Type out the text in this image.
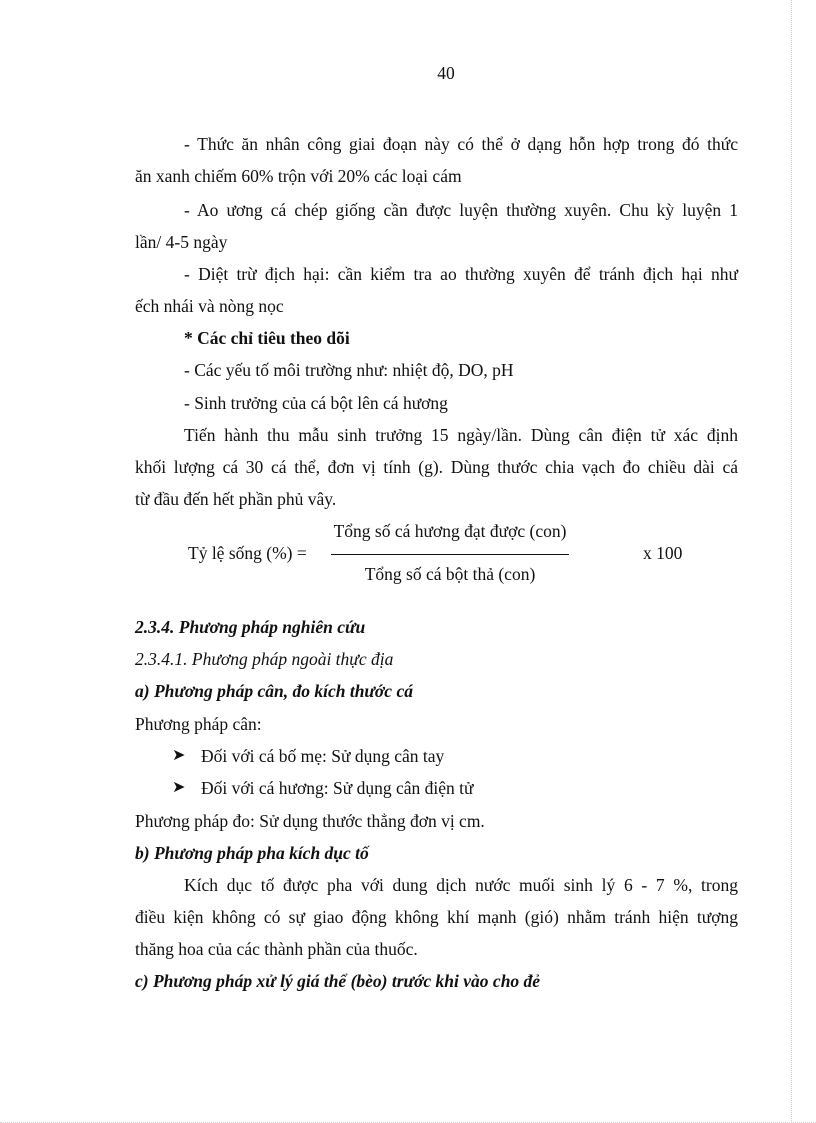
40
- Thức ăn nhân công giai đoạn này có thể ở dạng hỗn hợp trong đó thức
ăn xanh chiếm 60% trộn với 20% các loại cám
- Ao ương cá chép giống cần được luyện thường xuyên. Chu kỳ luyện 1
lần/ 4-5 ngày
- Diệt trừ địch hại: cần kiểm tra ao thường xuyên để tránh địch hại như
ếch nhái và nòng nọc
* Các chỉ tiêu theo dõi
- Các yếu tố môi trường như: nhiệt độ, DO, pH
- Sinh trưởng của cá bột lên cá hương
Tiến hành thu mẫu sinh trưởng 15 ngày/lần. Dùng cân điện tử xác định
khối lượng cá 30 cá thể, đơn vị tính (g). Dùng thước chia vạch đo chiều dài cá
từ đầu đến hết phần phủ vây.
Tỷ lệ sống (%) =
Tổng số cá hương đạt được (con)
Tổng số cá bột thả (con)
x 100
2.3.4. Phương pháp nghiên cứu
2.3.4.1. Phương pháp ngoài thực địa
a) Phương pháp cân, đo kích thước cá
Phương pháp cân:
➤ Đối với cá bố mẹ: Sử dụng cân tay
➤ Đối với cá hương: Sử dụng cân điện tử
Phương pháp đo: Sử dụng thước thẳng đơn vị cm.
b) Phương pháp pha kích dục tố
Kích dục tố được pha với dung dịch nước muối sinh lý 6 - 7 %, trong
điều kiện không có sự giao động không khí mạnh (gió) nhằm tránh hiện tượng
thăng hoa của các thành phần của thuốc.
c) Phương pháp xử lý giá thể (bèo) trước khi vào cho đẻ
